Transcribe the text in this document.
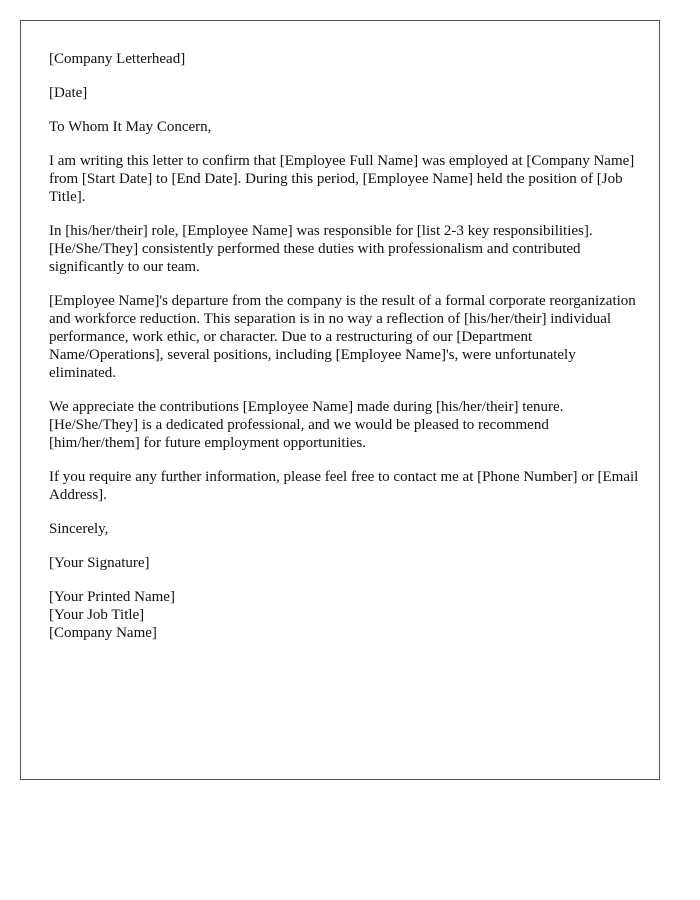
[Company Letterhead]

[Date]

To Whom It May Concern,

I am writing this letter to confirm that [Employee Full Name] was employed at [Company Name] from [Start Date] to [End Date]. During this period, [Employee Name] held the position of [Job Title].

In [his/her/their] role, [Employee Name] was responsible for [list 2-3 key responsibilities]. [He/She/They] consistently performed these duties with professionalism and contributed significantly to our team.

[Employee Name]'s departure from the company is the result of a formal corporate reorganization and workforce reduction. This separation is in no way a reflection of [his/her/their] individual performance, work ethic, or character. Due to a restructuring of our [Department Name/Operations], several positions, including [Employee Name]'s, were unfortunately eliminated.

We appreciate the contributions [Employee Name] made during [his/her/their] tenure. [He/She/They] is a dedicated professional, and we would be pleased to recommend [him/her/them] for future employment opportunities.

If you require any further information, please feel free to contact me at [Phone Number] or [Email Address].

Sincerely,

[Your Signature]

[Your Printed Name]
[Your Job Title]
[Company Name]
